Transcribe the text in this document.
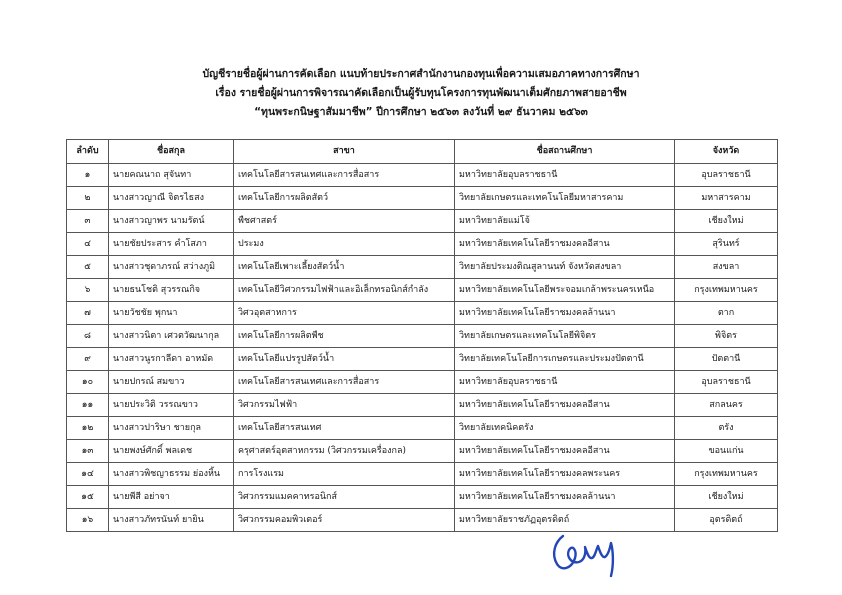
บัญชีรายชื่อผู้ผ่านการคัดเลือก แนบท้ายประกาศสำนักงานกองทุนเพื่อความเสมอภาคทางการศึกษา
เรื่อง รายชื่อผู้ผ่านการพิจารณาคัดเลือกเป็นผู้รับทุนโครงการทุนพัฒนาเต็มศักยภาพสายอาชีพ
“ทุนพระกนิษฐาสัมมาชีพ” ปีการศึกษา ๒๕๖๓ ลงวันที่ ๒๙ ธันวาคม ๒๕๖๓
ลำดับ	ชื่อสกุล	สาขา	ชื่อสถานศึกษา	จังหวัด
๑	นายคณนาถ สุจันทา	เทคโนโลยีสารสนเทศและการสื่อสาร	มหาวิทยาลัยอุบลราชธานี	อุบลราชธานี
๒	นางสาวญาณี จิตรไธสง	เทคโนโลยีการผลิตสัตว์	วิทยาลัยเกษตรและเทคโนโลยีมหาสารคาม	มหาสารคาม
๓	นางสาวญาพร นามรัตน์	พืชศาสตร์	มหาวิทยาลัยแม่โจ้	เชียงใหม่
๔	นายชัยประสาร คำโสภา	ประมง	มหาวิทยาลัยเทคโนโลยีราชมงคลอีสาน	สุรินทร์
๕	นางสาวชุดาภรณ์ สว่างภูมิ	เทคโนโลยีเพาะเลี้ยงสัตว์น้ำ	วิทยาลัยประมงติณสูลานนท์ จังหวัดสงขลา	สงขลา
๖	นายธนโชติ สุวรรณกิจ	เทคโนโลยีวิศวกรรมไฟฟ้าและอิเล็กทรอนิกส์กำลัง	มหาวิทยาลัยเทคโนโลยีพระจอมเกล้าพระนครเหนือ	กรุงเทพมหานคร
๗	นายวัชชัย พุกนา	วิศวอุตสาหการ	มหาวิทยาลัยเทคโนโลยีราชมงคลล้านนา	ตาก
๘	นางสาวนิตา เศวตวัฒนากุล	เทคโนโลยีการผลิตพืช	วิทยาลัยเกษตรและเทคโนโลยีพิจิตร	พิจิตร
๙	นางสาวนูรกาลีดา อาหมัด	เทคโนโลยีแปรรูปสัตว์น้ำ	วิทยาลัยเทคโนโลยีการเกษตรและประมงปัตตานี	ปัตตานี
๑๐	นายปกรณ์ สมขาว	เทคโนโลยีสารสนเทศและการสื่อสาร	มหาวิทยาลัยอุบลราชธานี	อุบลราชธานี
๑๑	นายประวิติ วรรณขาว	วิศวกรรมไฟฟ้า	มหาวิทยาลัยเทคโนโลยีราชมงคลอีสาน	สกลนคร
๑๒	นางสาวปาริษา ชายกุล	เทคโนโลยีสารสนเทศ	วิทยาลัยเทคนิคตรัง	ตรัง
๑๓	นายพงษ์ศักดิ์ พลเดช	ครุศาสตร์อุตสาหกรรม (วิศวกรรมเครื่องกล)	มหาวิทยาลัยเทคโนโลยีราชมงคลอีสาน	ขอนแก่น
๑๔	นางสาวพิชญาธรรม ย่องหิ้น	การโรงแรม	มหาวิทยาลัยเทคโนโลยีราชมงคลพระนคร	กรุงเทพมหานคร
๑๕	นายพีสี อย่าจา	วิศวกรรมแมคคาทรอนิกส์	มหาวิทยาลัยเทคโนโลยีราชมงคลล้านนา	เชียงใหม่
๑๖	นางสาวภัทรนันท์ ยายิน	วิศวกรรมคอมพิวเตอร์	มหาวิทยาลัยราชภัฏอุตรดิตถ์	อุตรดิตถ์
